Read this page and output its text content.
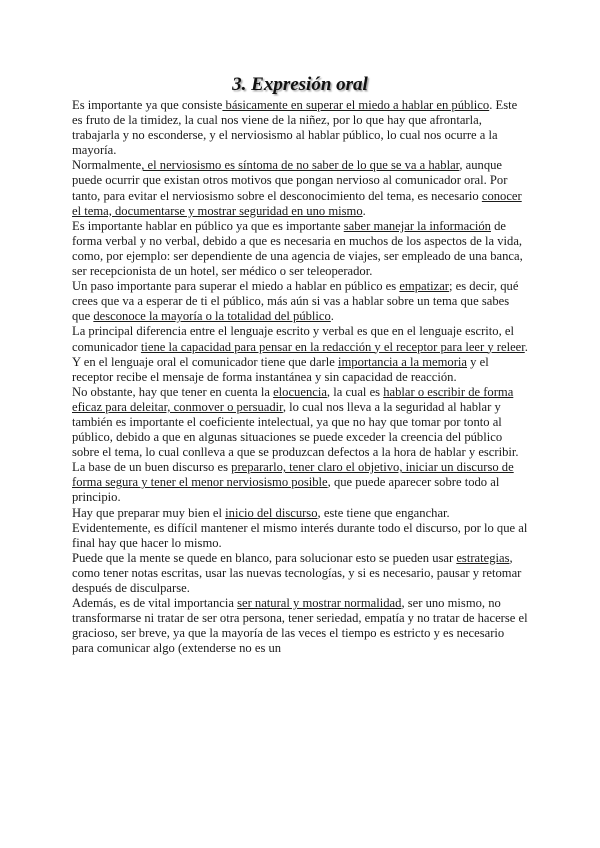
3. Expresión oral

Es importante ya que consiste básicamente en superar el miedo a hablar en público. Este es fruto de la timidez, la cual nos viene de la niñez, por lo que hay que afrontarla, trabajarla y no esconderse, y el nerviosismo al hablar público, lo cual nos ocurre a la mayoría.

Normalmente, el nerviosismo es síntoma de no saber de lo que se va a hablar, aunque puede ocurrir que existan otros motivos que pongan nervioso al comunicador oral. Por tanto, para evitar el nerviosismo sobre el desconocimiento del tema, es necesario conocer el tema, documentarse y mostrar seguridad en uno mismo.

Es importante hablar en público ya que es importante saber manejar la información de forma verbal y no verbal, debido a que es necesaria en muchos de los aspectos de la vida, como, por ejemplo: ser dependiente de una agencia de viajes, ser empleado de una banca, ser recepcionista de un hotel, ser médico o ser teleoperador.

Un paso importante para superar el miedo a hablar en público es empatizar; es decir, qué crees que va a esperar de ti el público, más aún si vas a hablar sobre un tema que sabes que desconoce la mayoría o la totalidad del público.

La principal diferencia entre el lenguaje escrito y verbal es que en el lenguaje escrito, el comunicador tiene la capacidad para pensar en la redacción y el receptor para leer y releer. Y en el lenguaje oral el comunicador tiene que darle importancia a la memoria y el receptor recibe el mensaje de forma instantánea y sin capacidad de reacción.

No obstante, hay que tener en cuenta la elocuencia, la cual es hablar o escribir de forma eficaz para deleitar, conmover o persuadir, lo cual nos lleva a la seguridad al hablar y también es importante el coeficiente intelectual, ya que no hay que tomar por tonto al público, debido a que en algunas situaciones se puede exceder la creencia del público sobre el tema, lo cual conlleva a que se produzcan defectos a la hora de hablar y escribir.

La base de un buen discurso es prepararlo, tener claro el objetivo, iniciar un discurso de forma segura y tener el menor nerviosismo posible, que puede aparecer sobre todo al principio.

Hay que preparar muy bien el inicio del discurso, este tiene que enganchar. Evidentemente, es difícil mantener el mismo interés durante todo el discurso, por lo que al final hay que hacer lo mismo.

Puede que la mente se quede en blanco, para solucionar esto se pueden usar estrategias, como tener notas escritas, usar las nuevas tecnologías, y si es necesario, pausar y retomar después de disculparse.

Además, es de vital importancia ser natural y mostrar normalidad, ser uno mismo, no transformarse ni tratar de ser otra persona, tener seriedad, empatía y no tratar de hacerse el gracioso, ser breve, ya que la mayoría de las veces el tiempo es estricto y es necesario para comunicar algo (extenderse no es un
